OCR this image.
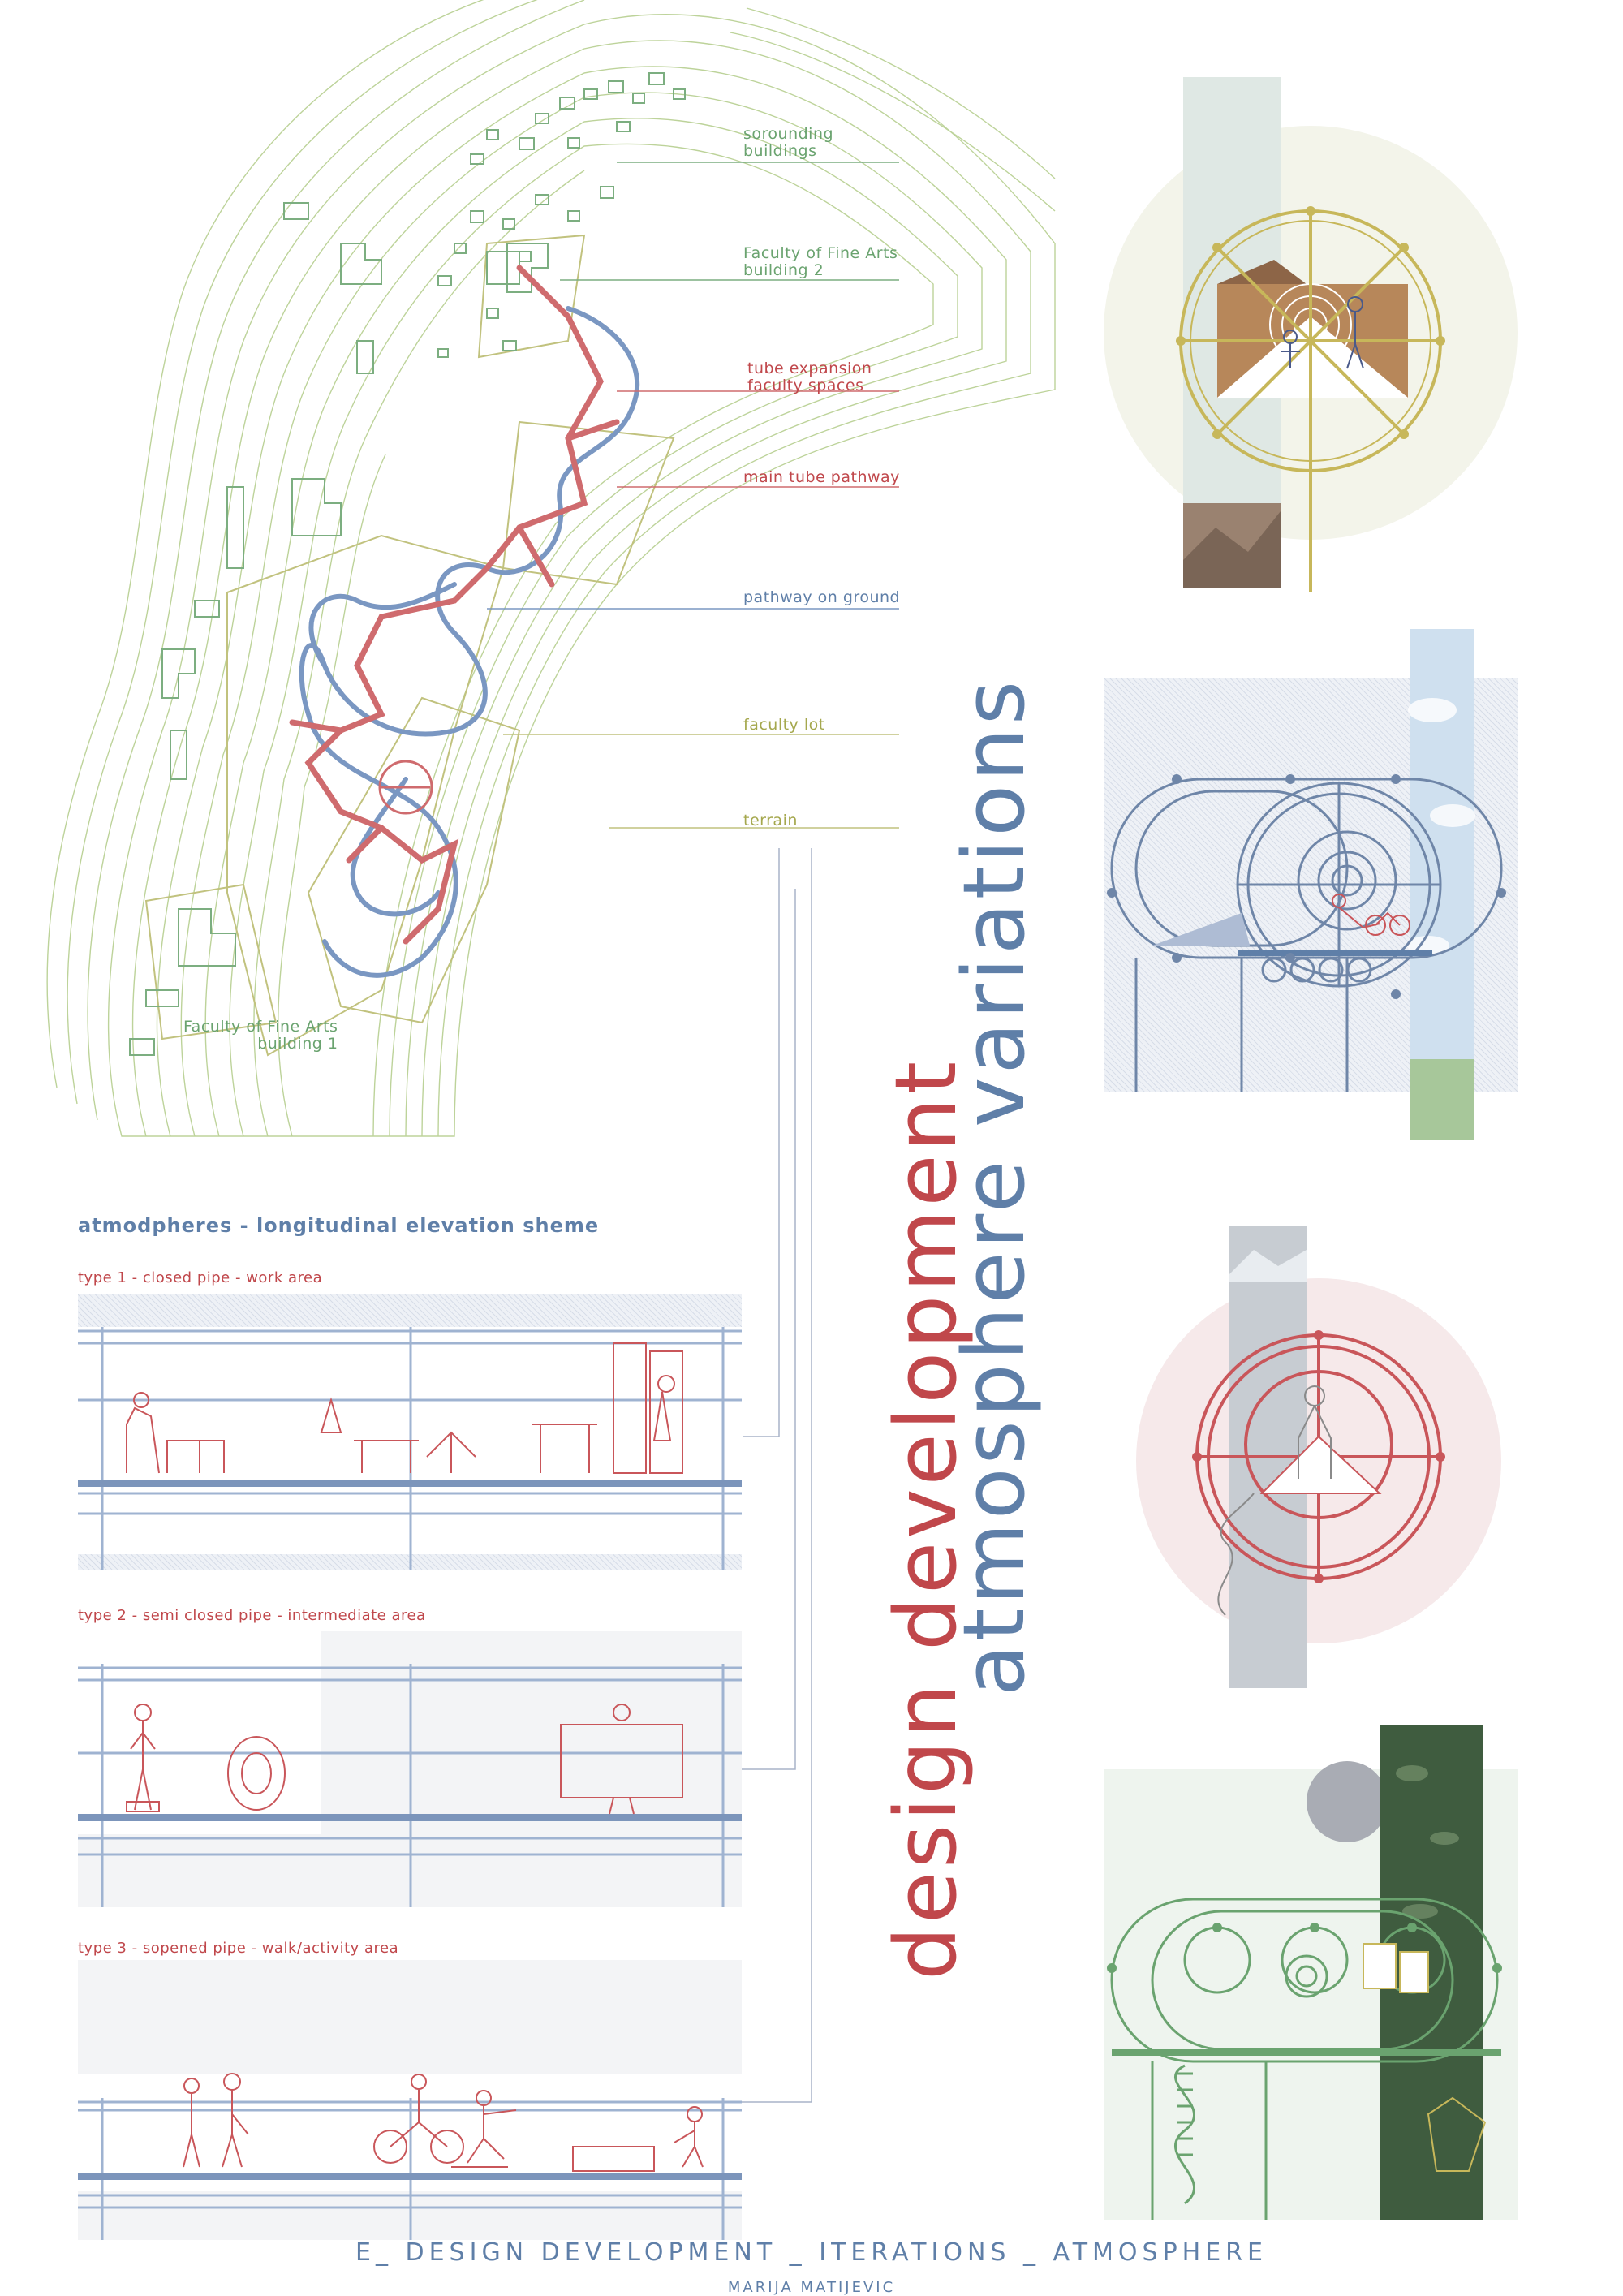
sorounding
buildings
Faculty of Fine Arts
building 2
tube expansion
faculty spaces
main tube pathway
pathway on ground
faculty lot
terrain
Faculty of Fine Arts
building 1
atmodpheres - longitudinal elevation sheme
type 1 - closed pipe - work area
type 2 - semi closed pipe - intermediate area
type 3 - sopened pipe - walk/activity area	design development
atmosphere variations
E_ DESIGN DEVELOPMENT _ ITERATIONS _ ATMOSPHERE
MARIJA MATIJEVIC
